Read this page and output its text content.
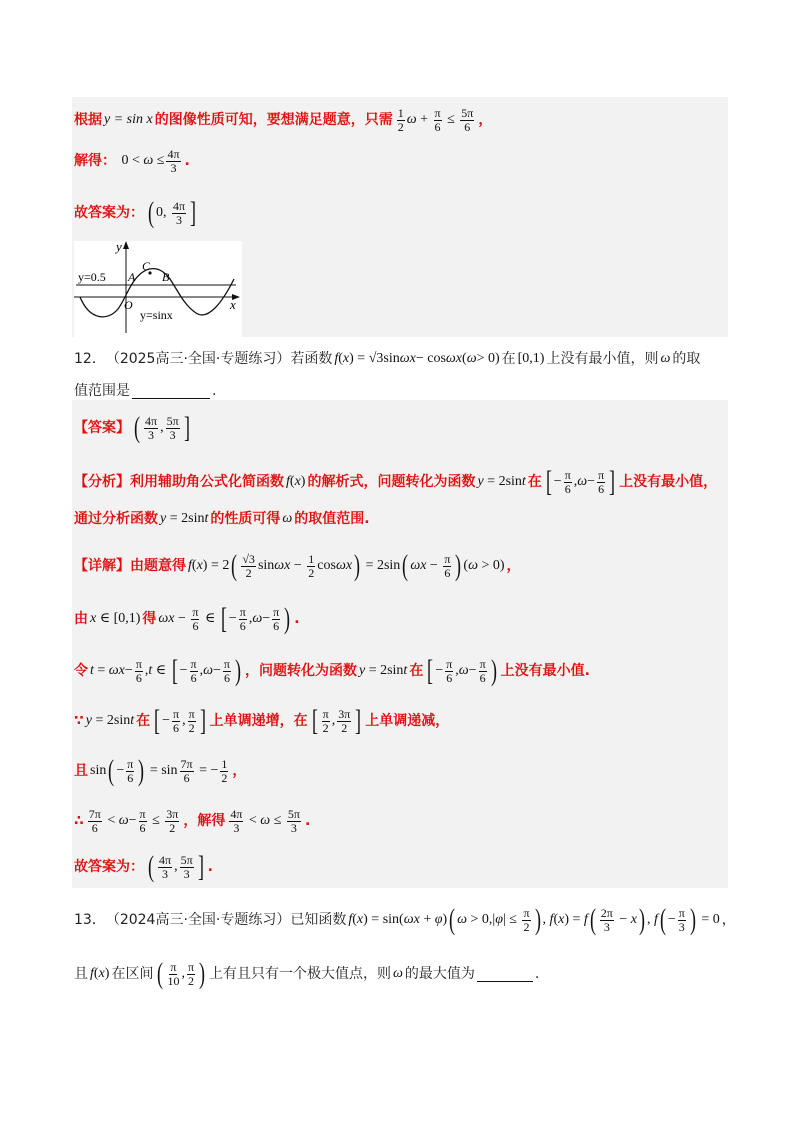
根据 y = sin x 的图像性质可知，要想满足题意，只需 $\frac{1}{2}$ $\omega + \frac{\pi}{6} \le \frac{5\pi}{6}$ ，
解得： $0 < \omega \le \frac{4\pi}{3}$ .
故答案为： ( 0, $\frac{4\pi}{3}$ ]
y
x
y=0.5 A
C
B
O
y=sinx
12． （2025高三·全国·专题练习）若函数 f ( x ) = √3sin ωx − cos ωx ( ω > 0) 在 [0,1) 上没有最小值，则 ω 的取
值范围是	.
【答案】 ( $\frac{4\pi}{3}$ , $\frac{5\pi}{3}$ ]
【分析】 利用辅助角公式化简函数 f ( x ) 的解析式，问题转化为函数 y = 2sin t 在 [ − $\frac{\pi}{6}$ , $\omega - \frac{\pi}{6}$ ] 上没有最小值，
通过分析函数 y = 2sin t 的性质可得 ω 的取值范围.
【详解】 由题意得 f ( x ) = 2 ( $\frac{√3}{2}$ $\sin \omega x - \frac{1}{2}$ cos ωx ) = 2sin ( $\omega x - \frac{\pi}{6}$ ) ( ω > 0) ，
由 x ∈ [0,1) 得 $\omega x - \frac{\pi}{6}$ ∈ [ − $\frac{\pi}{6}$ , $\omega - \frac{\pi}{6}$ ) .
令 $t = \omega x - \frac{\pi}{6}$ , t ∈ [ − $\frac{\pi}{6}$ , $\omega - \frac{\pi}{6}$ ) ，问题转化为函数 y = 2sin t 在 [ − $\frac{\pi}{6}$ , $\omega - \frac{\pi}{6}$ ) 上没有最小值.
∵ y = 2sin t 在 [ − $\frac{\pi}{6}$ , $\frac{\pi}{2}$ ] 上单调递增，在 [ $\frac{\pi}{2}$ , $\frac{3\pi}{2}$ ] 上单调递减，
且 sin ( − $\frac{\pi}{6}$ ) = $\sin \frac{7\pi}{6}$ = − $\frac{1}{2}$ ，
∴ $\frac{7\pi}{6} < \omega - \frac{\pi}{6} \le \frac{3\pi}{2}$ ，解得 $\frac{4\pi}{3} < \omega \le \frac{5\pi}{3}$ .
故答案为： ( $\frac{4\pi}{3}$ , $\frac{5\pi}{3}$ ] .
13． （2024高三·全国·专题练习）已知函数 f ( x ) = sin( ωx + φ ) ( ω > 0,| φ | ≤ $\frac{\pi}{2}$ ) , f ( x ) = f ( $\frac{2\pi}{3} - x$ ) , f ( − $\frac{\pi}{3}$ ) = 0 ，
且 f ( x ) 在区间 ( $\frac{\pi}{10}$ , $\frac{\pi}{2}$ ) 上有且只有一个极大值点，则 ω 的最大值为	.
